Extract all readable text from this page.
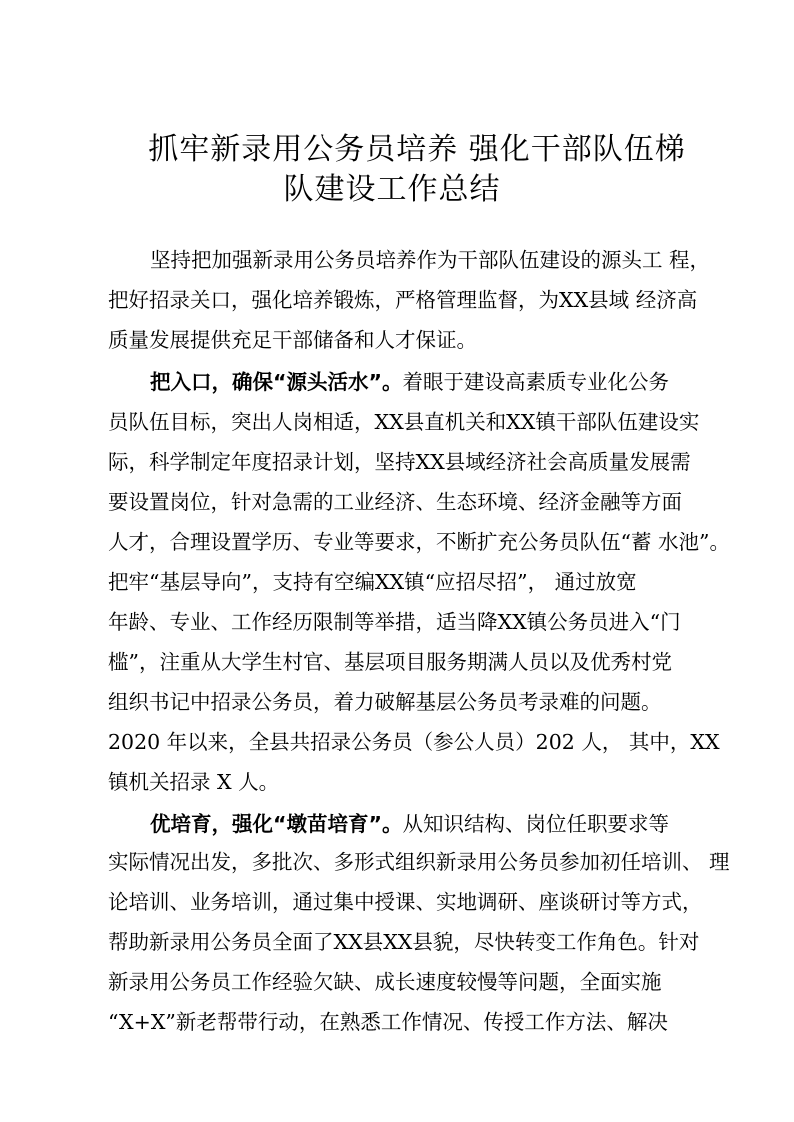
抓牢新录用公务员培养 强化干部队伍梯
队建设工作总结
坚持把加强新录用公务员培养作为干部队伍建设的源头工 程，
把好招录关口，强化培养锻炼，严格管理监督，为XX县域 经济高
质量发展提供充足干部储备和人才保证。
把入口，确保“源头活水”。着眼于建设高素质专业化公务
员队伍目标，突出人岗相适，XX县直机关和XX镇干部队伍建设实
际，科学制定年度招录计划，坚持XX县域经济社会高质量发展需
要设置岗位，针对急需的工业经济、生态环境、经济金融等方面
人才，合理设置学历、专业等要求，不断扩充公务员队伍“蓄 水池”。
把牢“基层导向”，支持有空编XX镇“应招尽招”， 通过放宽
年龄、专业、工作经历限制等举措，适当降XX镇公务员进入“门
槛”，注重从大学生村官、基层项目服务期满人员以及优秀村党
组织书记中招录公务员，着力破解基层公务员考录难的问题。
2020 年以来，全县共招录公务员（参公人员）202 人， 其中，XX
镇机关招录 X 人。
优培育，强化“墩苗培育”。从知识结构、岗位任职要求等
实际情况出发，多批次、多形式组织新录用公务员参加初任培训、 理
论培训、业务培训，通过集中授课、实地调研、座谈研讨等方式，
帮助新录用公务员全面了XX县XX县貌，尽快转变工作角色。针对
新录用公务员工作经验欠缺、成长速度较慢等问题，全面实施
“X+X”新老帮带行动，在熟悉工作情况、传授工作方法、解决
